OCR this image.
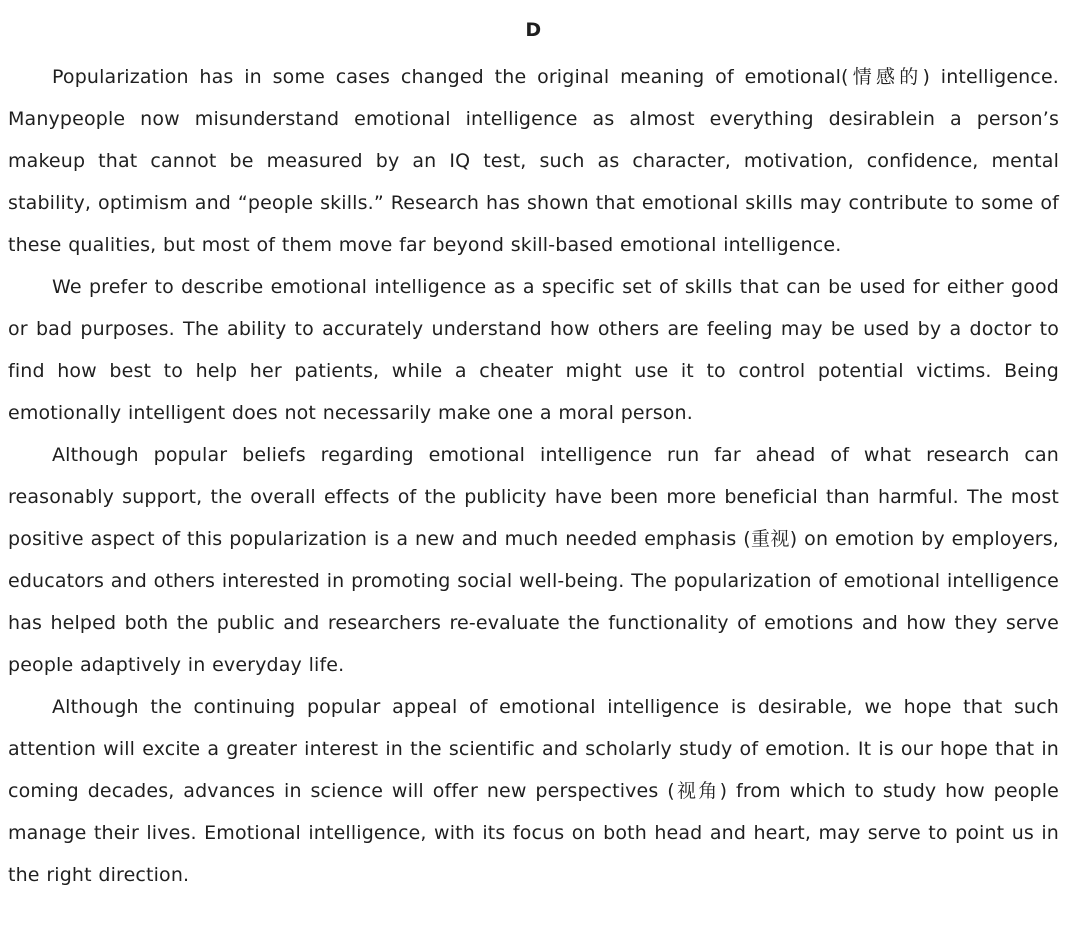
D

Popularization has in some cases changed the original meaning of emotional(情感的) intelligence. Manypeople now misunderstand emotional intelligence as almost everything desirablein a person’s makeup that cannot be measured by an IQ test, such as character, motivation, confidence, mental stability, optimism and “people skills.” Research has shown that emotional skills may contribute to some of these qualities, but most of them move far beyond skill-based emotional intelligence.

We prefer to describe emotional intelligence as a specific set of skills that can be used for either good or bad purposes. The ability to accurately understand how others are feeling may be used by a doctor to find how best to help her patients, while a cheater might use it to control potential victims. Being emotionally intelligent does not necessarily make one a moral person.

Although popular beliefs regarding emotional intelligence run far ahead of what research can reasonably support, the overall effects of the publicity have been more beneficial than harmful. The most positive aspect of this popularization is a new and much needed emphasis (重视) on emotion by employers, educators and others interested in promoting social well-being. The popularization of emotional intelligence has helped both the public and researchers re-evaluate the functionality of emotions and how they serve people adaptively in everyday life.

Although the continuing popular appeal of emotional intelligence is desirable, we hope that such attention will excite a greater interest in the scientific and scholarly study of emotion. It is our hope that in coming decades, advances in science will offer new perspectives (视角) from which to study how people manage their lives. Emotional intelligence, with its focus on both head and heart, may serve to point us in the right direction.
